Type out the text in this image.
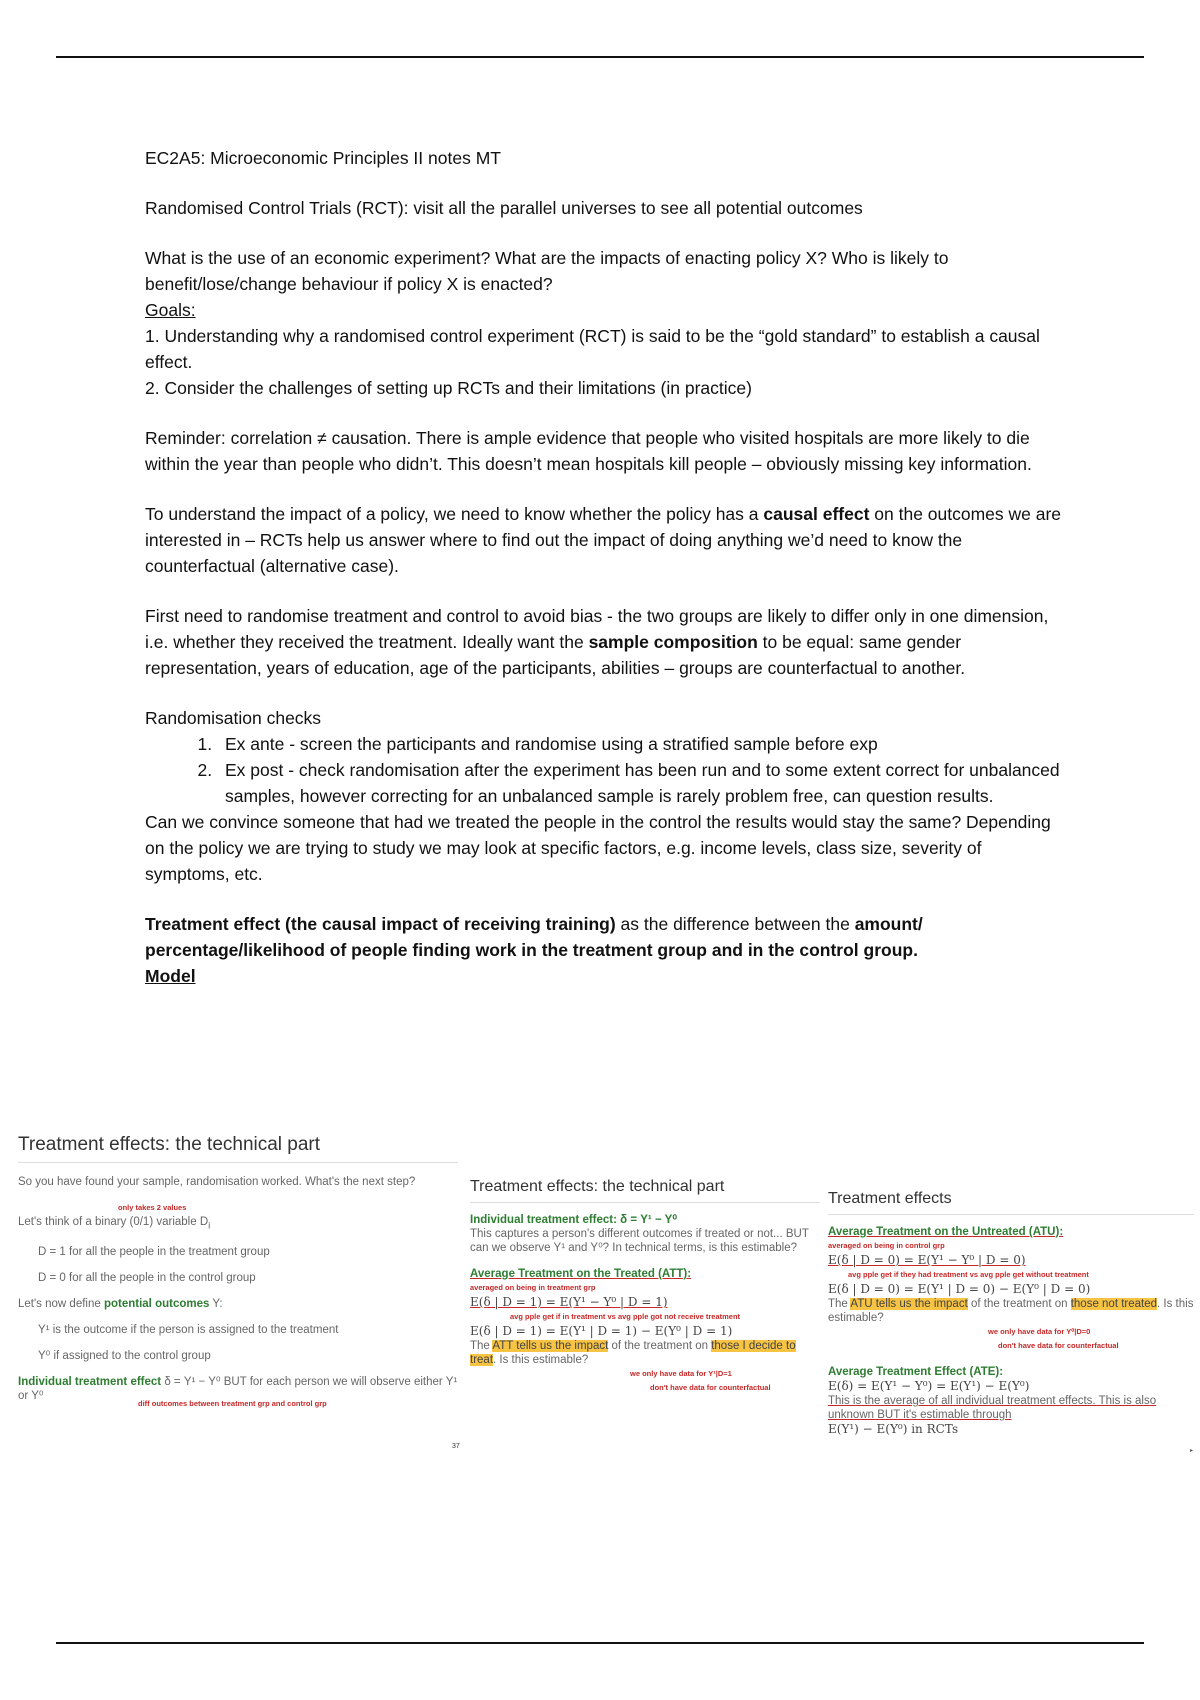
EC2A5: Microeconomic Principles II notes MT

Randomised Control Trials (RCT): visit all the parallel universes to see all potential outcomes

What is the use of an economic experiment? What are the impacts of enacting policy X? Who is likely to benefit/lose/change behaviour if policy X is enacted?

Goals:

1. Understanding why a randomised control experiment (RCT) is said to be the “gold standard” to establish a causal effect.

2. Consider the challenges of setting up RCTs and their limitations (in practice)

Reminder: correlation ≠ causation. There is ample evidence that people who visited hospitals are more likely to die within the year than people who didn’t. This doesn’t mean hospitals kill people – obviously missing key information.

To understand the impact of a policy, we need to know whether the policy has a causal effect on the outcomes we are interested in – RCTs help us answer where to find out the impact of doing anything we’d need to know the counterfactual (alternative case).

First need to randomise treatment and control to avoid bias - the two groups are likely to differ only in one dimension, i.e. whether they received the treatment. Ideally want the sample composition to be equal: same gender representation, years of education, age of the participants, abilities – groups are counterfactual to another.

Randomisation checks

1. Ex ante - screen the participants and randomise using a stratified sample before exp
2. Ex post - check randomisation after the experiment has been run and to some extent correct for unbalanced samples, however correcting for an unbalanced sample is rarely problem free, can question results.

Can we convince someone that had we treated the people in the control the results would stay the same? Depending on the policy we are trying to study we may look at specific factors, e.g. income levels, class size, severity of symptoms, etc.

Treatment effect (the causal impact of receiving training) as the difference between the amount/ percentage/likelihood of people finding work in the treatment group and in the control group.

Model

Treatment effects: the technical part
So you have found your sample, randomisation worked. What's the next step?
only takes 2 values
Let's think of a binary (0/1) variable $D_i$
D = 1 for all the people in the treatment group
D = 0 for all the people in the control group
Let's now define potential outcomes Y:
Y¹ is the outcome if the person is assigned to the treatment
Y⁰ if assigned to the control group
Individual treatment effect δ = Y¹ − Y⁰ BUT for each person we will observe either Y¹ or Y⁰
diff outcomes between treatment grp and control grp
37
Treatment effects: the technical part
Individual treatment effect: δ = Y¹ − Y⁰
This captures a person's different outcomes if treated or not... BUT can we observe Y¹ and Y⁰? In technical terms, is this estimable?
Average Treatment on the Treated (ATT):
averaged on being in treatment grp
E(δ | D = 1) = E(Y¹ − Y⁰ | D = 1)
avg pple get if in treatment vs avg pple got not receive treatment
E(δ | D = 1) = E(Y¹ | D = 1) − E(Y⁰ | D = 1)
The ATT tells us the impact of the treatment on those I decide to treat. Is this estimable?
we only have data for Y¹|D=1
don't have data for counterfactual
Treatment effects
Average Treatment on the Untreated (ATU):
averaged on being in control grp
E(δ | D = 0) = E(Y¹ − Y⁰ | D = 0)
avg pple get if they had treatment vs avg pple get without treatment
E(δ | D = 0) = E(Y¹ | D = 0) − E(Y⁰ | D = 0)
The ATU tells us the impact of the treatment on those not treated. Is this estimable?
we only have data for Y⁰|D=0
don't have data for counterfactual
Average Treatment Effect (ATE):
E(δ) = E(Y¹ − Y⁰) = E(Y¹) − E(Y⁰)
This is the average of all individual treatment effects. This is also unknown BUT it's estimable through
E(Y¹) − E(Y⁰) in RCTs
▸
